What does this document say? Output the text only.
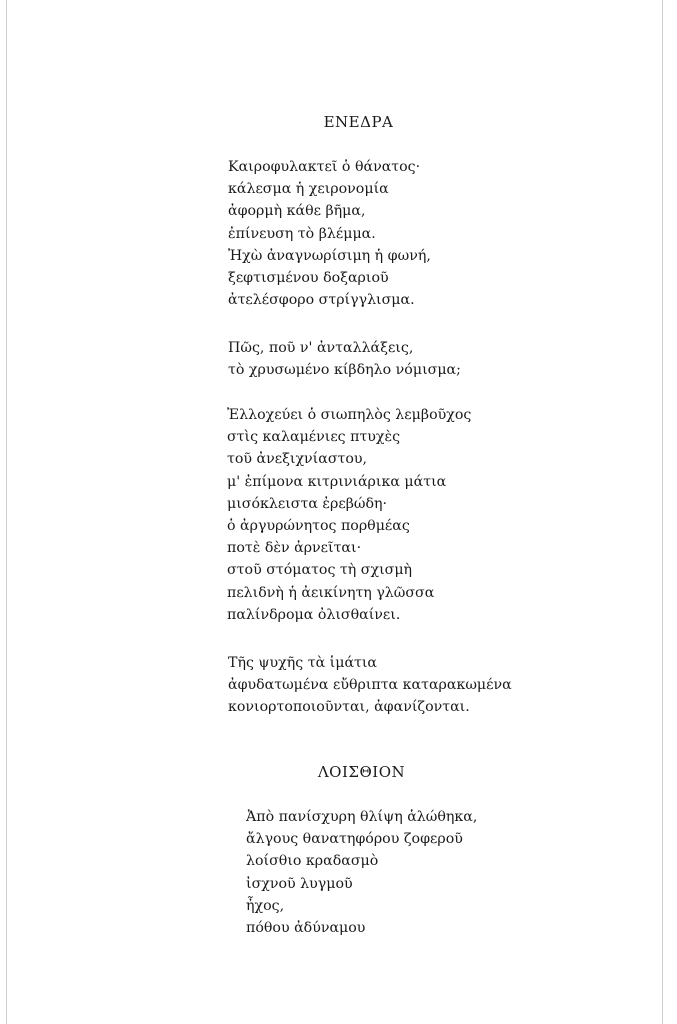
ΕΝΕΔΡΑ
Καιροφυλακτεῖ ὁ θάνατος·
κάλεσμα ἡ χειρονομία
ἀφορμὴ κάθε βῆμα,
ἐπίνευση τὸ βλέμμα.
Ἠχὼ ἀναγνωρίσιμη ἡ φωνή,
ξεφτισμένου δοξαριοῦ
ἀτελέσφορο στρίγγλισμα.
Πῶς, ποῦ ν' ἀνταλλάξεις,
τὸ χρυσωμένο κίβδηλο νόμισμα;
Ἐλλοχεύει ὁ σιωπηλὸς λεμβοῦχος
στὶς καλαμένιες πτυχὲς
τοῦ ἀνεξιχνίαστου,
μ' ἐπίμονα κιτρινιάρικα μάτια
μισόκλειστα ἐρεβώδη·
ὁ ἀργυρώνητος πορθμέας
ποτὲ δὲν ἀρνεῖται·
στοῦ στόματος τὴ σχισμὴ
πελιδνὴ ἡ ἀεικίνητη γλῶσσα
παλίνδρομα ὀλισθαίνει.
Τῆς ψυχῆς τὰ ἱμάτια
ἀφυδατωμένα εὔθριπτα καταρακωμένα
κονιορτοποιοῦνται, ἀφανίζονται.
ΛΟΙΣΘΙΟΝ
Ἀπὸ πανίσχυρη θλίψη ἁλώθηκα,
ἄλγους θανατηφόρου ζοφεροῦ
λοίσθιο κραδασμὸ
ἰσχνοῦ λυγμοῦ
ἦχος,
πόθου ἀδύναμου
